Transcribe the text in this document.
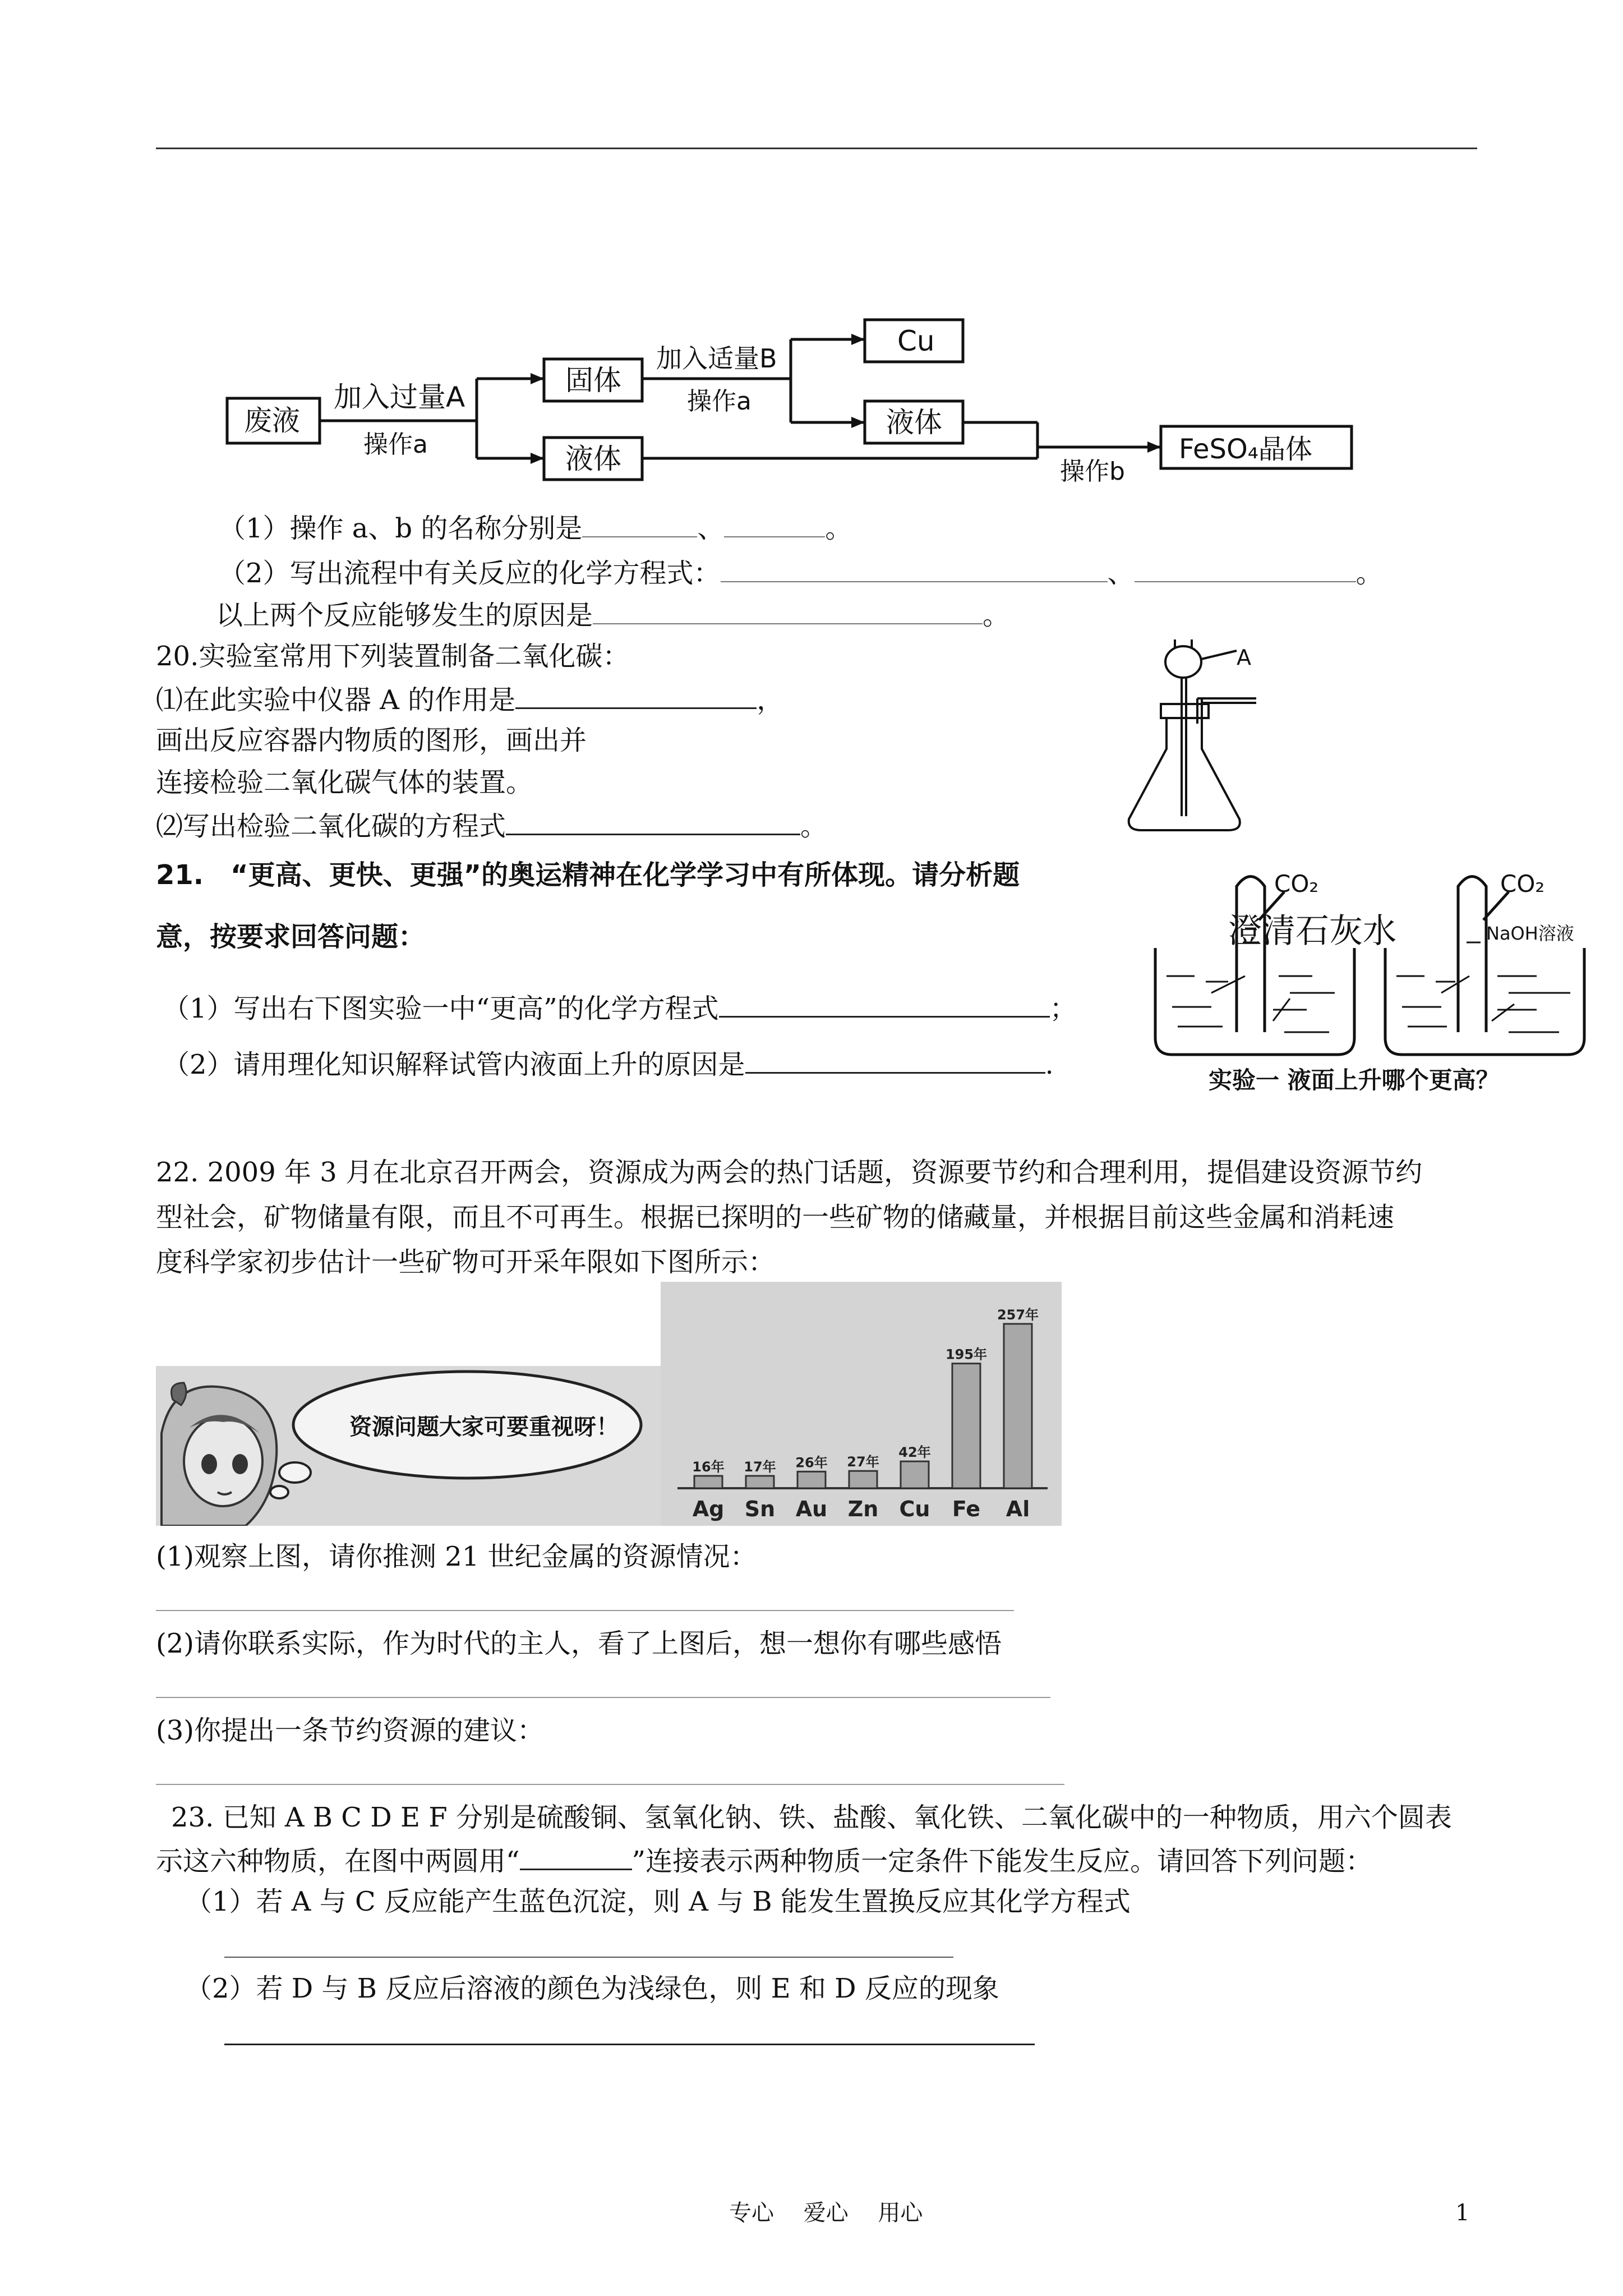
废液
加入过量A
操作a
固体
液体
加入适量B
操作a
Cu
液体
操作b
FeSO₄晶体
（1）操作 a、b 的名称分别是	、	。
（2）写出流程中有关反应的化学方程式：	、	。
以上两个反应能够发生的原因是	。
20.实验室常用下列装置制备二氧化碳：
⑴在此实验中仪器 A 的作用是	，
画出反应容器内物质的图形，画出并
连接检验二氧化碳气体的装置。
⑵写出检验二氧化碳的方程式	。
A
21.　“更高、更快、更强”的奥运精神在化学学习中有所体现。请分析题
意，按要求回答问题：
（1）写出右下图实验一中“更高”的化学方程式	；
（2）请用理化知识解释试管内液面上升的原因是	.
CO₂
澄清石灰水
CO₂
NaOH溶液
实验一 液面上升哪个更高？
22. 2009 年 3 月在北京召开两会，资源成为两会的热门话题，资源要节约和合理利用，提倡建设资源节约
型社会，矿物储量有限，而且不可再生。根据已探明的一些矿物的储藏量，并根据目前这些金属和消耗速
度科学家初步估计一些矿物可开采年限如下图所示：
资源问题大家可要重视呀！
16年
Ag
17年
Sn
26年
Au
27年
Zn
42年
Cu
195年
Fe
257年
Al
(1)观察上图，请你推测 21 世纪金属的资源情况：
(2)请你联系实际，作为时代的主人，看了上图后，想一想你有哪些感悟
(3)你提出一条节约资源的建议：
23. 已知 A B C D E F 分别是硫酸铜、氢氧化钠、铁、盐酸、氧化铁、二氧化碳中的一种物质，用六个圆表
示这六种物质，在图中两圆用“	”连接表示两种物质一定条件下能发生反应。请回答下列问题：
（1）若 A 与 C 反应能产生蓝色沉淀，则 A 与 B 能发生置换反应其化学方程式
（2）若 D 与 B 反应后溶液的颜色为浅绿色，则 E 和 D 反应的现象
专心　 爱心　 用心	1
